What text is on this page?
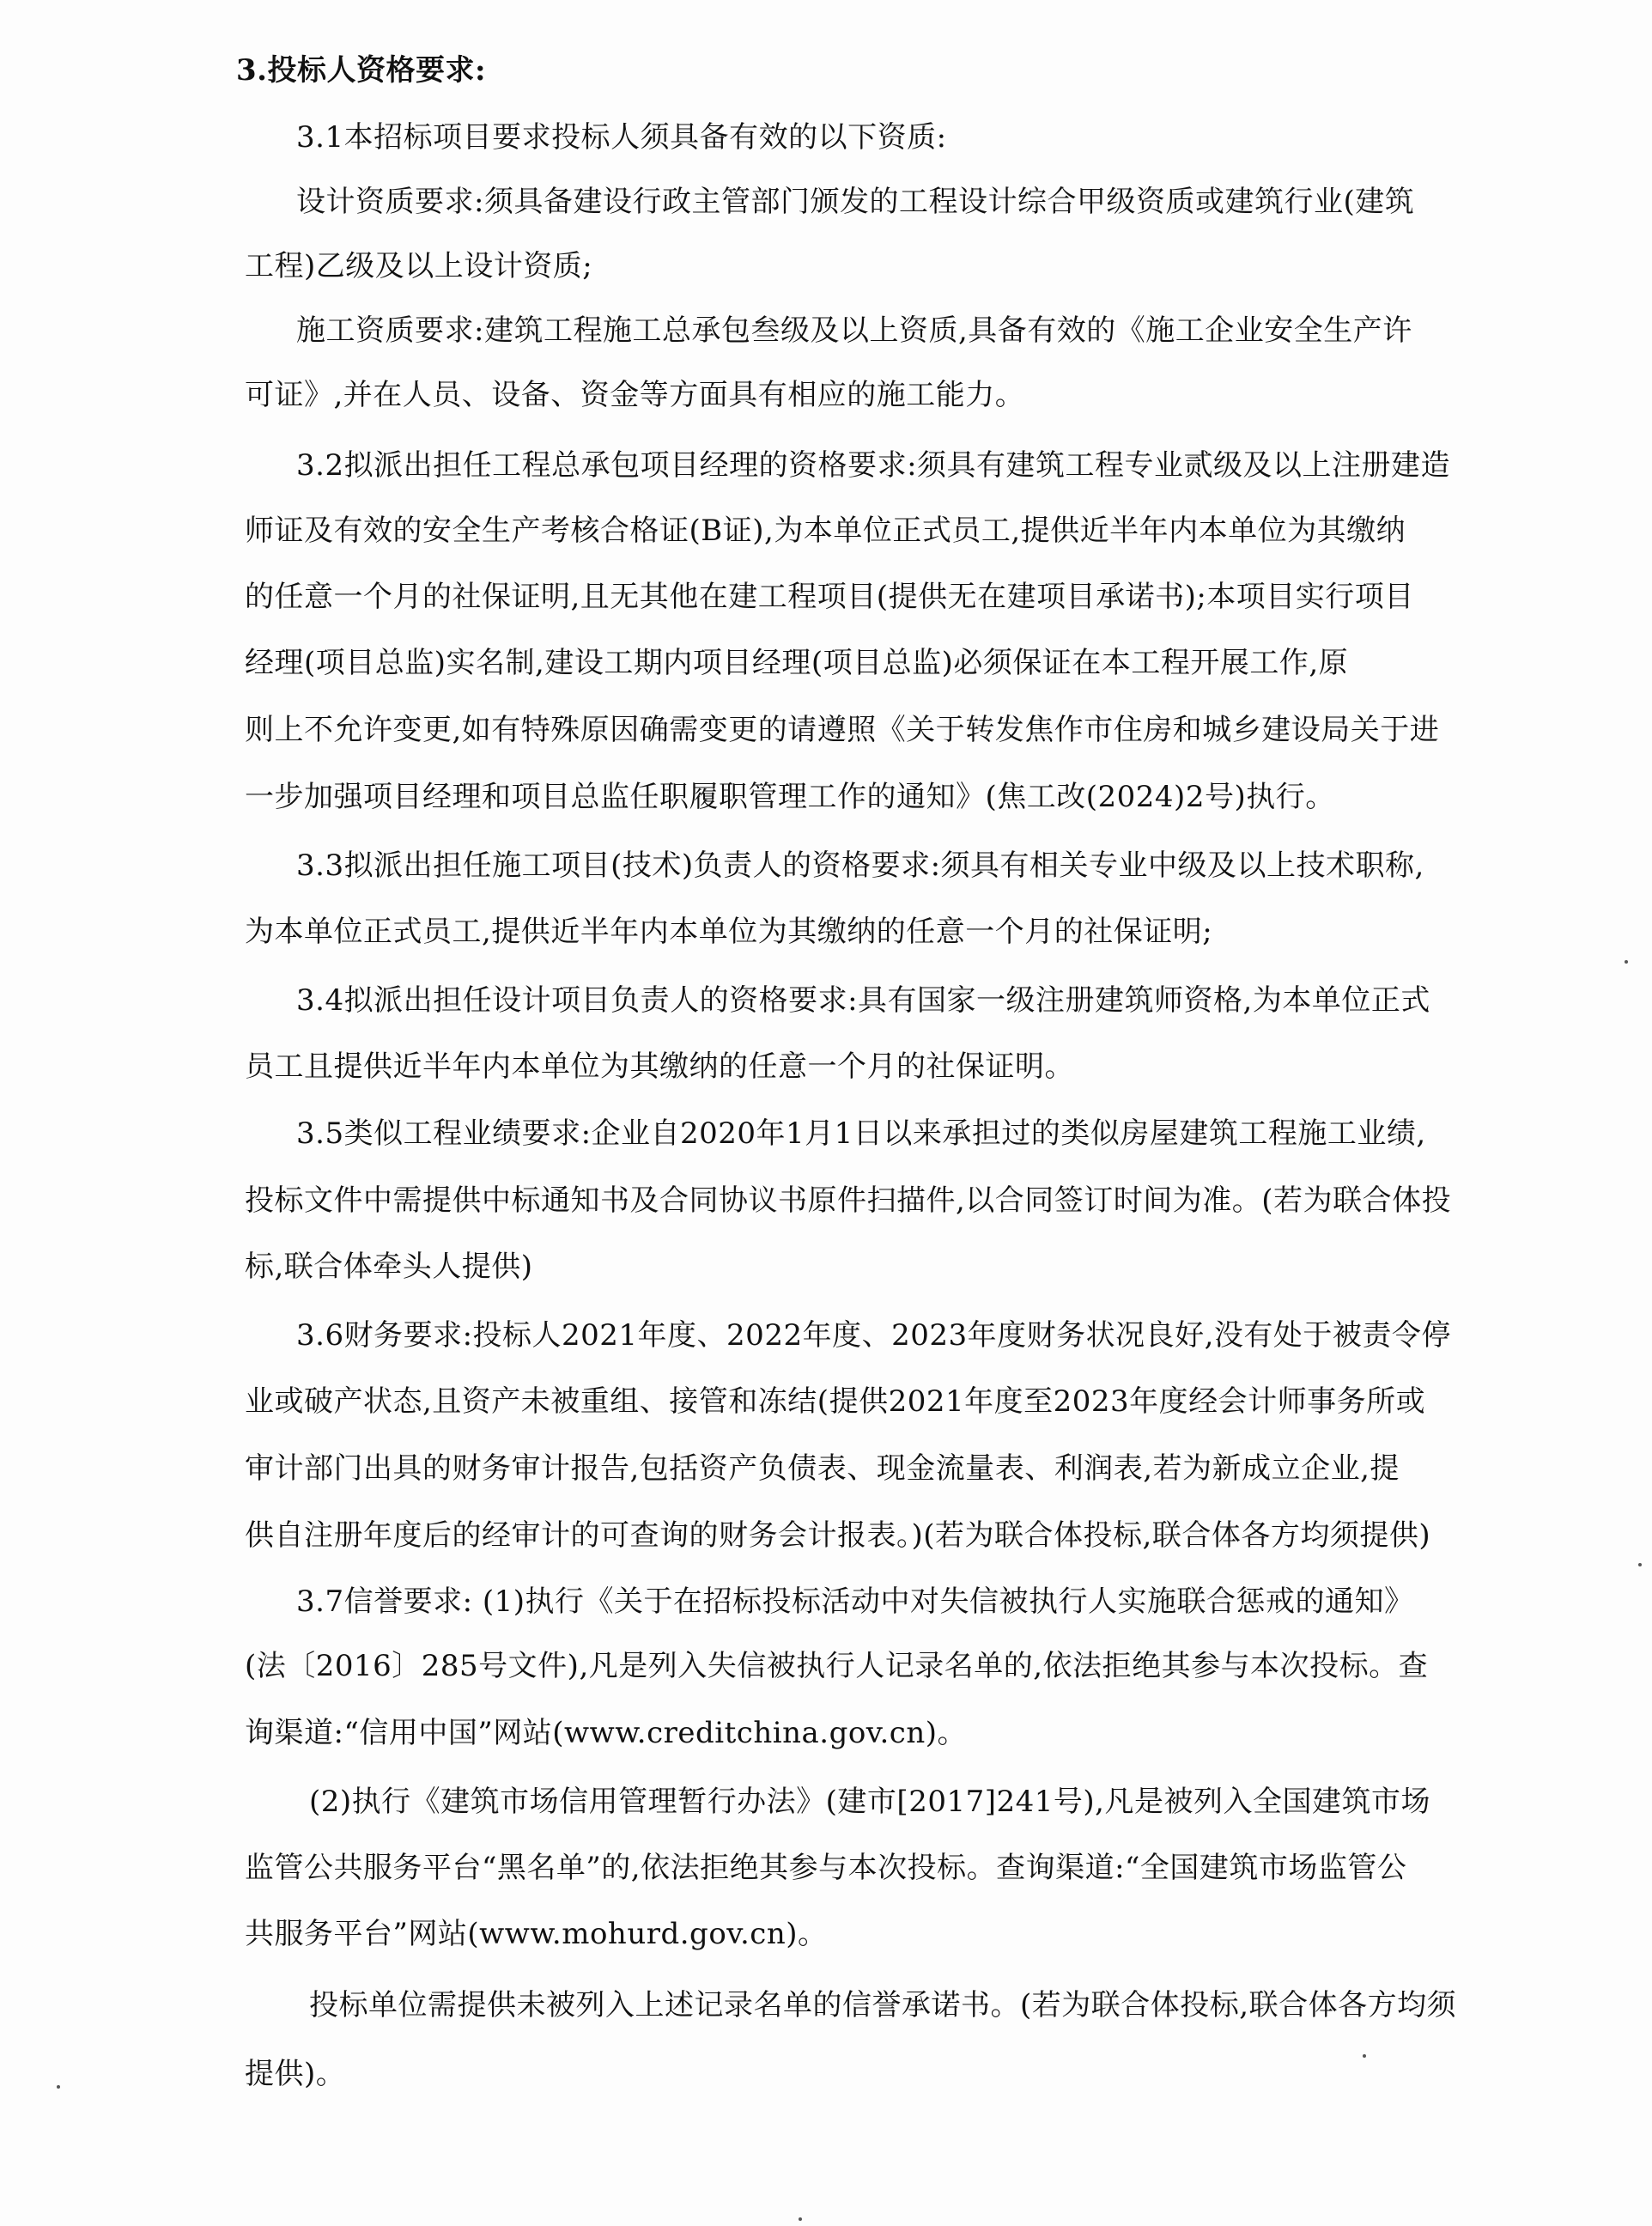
3.投标人资格要求:

3.1本招标项目要求投标人须具备有效的以下资质:

设计资质要求:须具备建设行政主管部门颁发的工程设计综合甲级资质或建筑行业(建筑

工程)乙级及以上设计资质;

施工资质要求:建筑工程施工总承包叁级及以上资质,具备有效的《施工企业安全生产许

可证》,并在人员、设备、资金等方面具有相应的施工能力。

3.2拟派出担任工程总承包项目经理的资格要求:须具有建筑工程专业贰级及以上注册建造

师证及有效的安全生产考核合格证(B证),为本单位正式员工,提供近半年内本单位为其缴纳

的任意一个月的社保证明,且无其他在建工程项目(提供无在建项目承诺书);本项目实行项目

经理(项目总监)实名制,建设工期内项目经理(项目总监)必须保证在本工程开展工作,原

则上不允许变更,如有特殊原因确需变更的请遵照《关于转发焦作市住房和城乡建设局关于进

一步加强项目经理和项目总监任职履职管理工作的通知》(焦工改(2024)2号)执行。

3.3拟派出担任施工项目(技术)负责人的资格要求:须具有相关专业中级及以上技术职称,

为本单位正式员工,提供近半年内本单位为其缴纳的任意一个月的社保证明;

3.4拟派出担任设计项目负责人的资格要求:具有国家一级注册建筑师资格,为本单位正式

员工且提供近半年内本单位为其缴纳的任意一个月的社保证明。

3.5类似工程业绩要求:企业自2020年1月1日以来承担过的类似房屋建筑工程施工业绩,

投标文件中需提供中标通知书及合同协议书原件扫描件,以合同签订时间为准。(若为联合体投

标,联合体牵头人提供)

3.6财务要求:投标人2021年度、2022年度、2023年度财务状况良好,没有处于被责令停

业或破产状态,且资产未被重组、接管和冻结(提供2021年度至2023年度经会计师事务所或

审计部门出具的财务审计报告,包括资产负债表、现金流量表、利润表,若为新成立企业,提

供自注册年度后的经审计的可查询的财务会计报表。)(若为联合体投标,联合体各方均须提供)

3.7信誉要求: (1)执行《关于在招标投标活动中对失信被执行人实施联合惩戒的通知》

(法〔2016〕285号文件),凡是列入失信被执行人记录名单的,依法拒绝其参与本次投标。查

询渠道:“信用中国”网站(www.creditchina.gov.cn)。

(2)执行《建筑市场信用管理暂行办法》(建市[2017]241号),凡是被列入全国建筑市场

监管公共服务平台“黑名单”的,依法拒绝其参与本次投标。查询渠道:“全国建筑市场监管公

共服务平台”网站(www.mohurd.gov.cn)。

投标单位需提供未被列入上述记录名单的信誉承诺书。(若为联合体投标,联合体各方均须

提供)。
